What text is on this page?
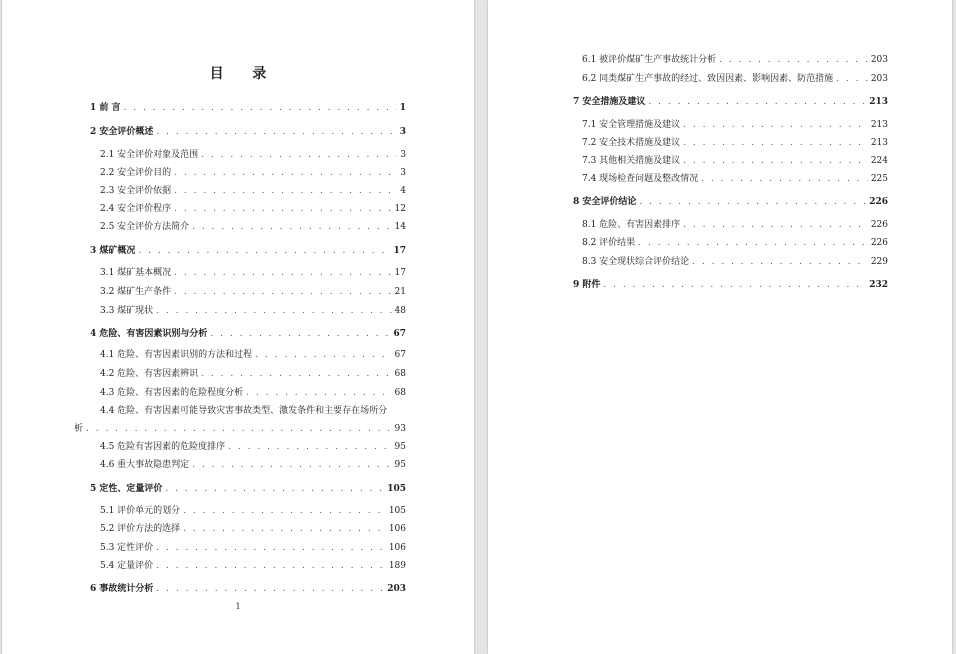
目 录
1 前 言 . . .	1
2 安全评价概述 . . .	3
2.1 安全评价对象及范围 . . .	3
2.2 安全评价目的 . . .	3
2.3 安全评价依据 . . .	4
2.4 安全评价程序 . . .	12
2.5 安全评价方法简介 . . .	14
3 煤矿概况 . . .	17
3.1 煤矿基本概况 . . .	17
3.2 煤矿生产条件 . . .	21
3.3 煤矿现状 . . .	48
4 危险、有害因素识别与分析 . . .	67
4.1 危险、有害因素识别的方法和过程 . . .	67
4.2 危险、有害因素辨识 . . .	68
4.3 危险、有害因素的危险程度分析 . . .	68
4.4 危险、有害因素可能导致灾害事故类型、激发条件和主要存在场所分
析 . . .	93
4.5 危险有害因素的危险度排序 . . .	95
4.6 重大事故隐患判定 . . .	95
5 定性、定量评价 . . .	105
5.1 评价单元的划分 . . .	105
5.2 评价方法的选择 . . .	106
5.3 定性评价 . . .	106
5.4 定量评价 . . .	189
6 事故统计分析 . . .	203
1
6.1 被评价煤矿生产事故统计分析 . . .	203
6.2 同类煤矿生产事故的经过、致因因素、影响因素、防范措施 . . .	203
7 安全措施及建议 . . .	213
7.1 安全管理措施及建议 . . .	213
7.2 安全技术措施及建议 . . .	213
7.3 其他相关措施及建议 . . .	224
7.4 现场检查问题及整改情况 . . .	225
8 安全评价结论 . . .	226
8.1 危险、有害因素排序 . . .	226
8.2 评价结果 . . .	226
8.3 安全现状综合评价结论 . . .	229
9 附件 . . .	232
